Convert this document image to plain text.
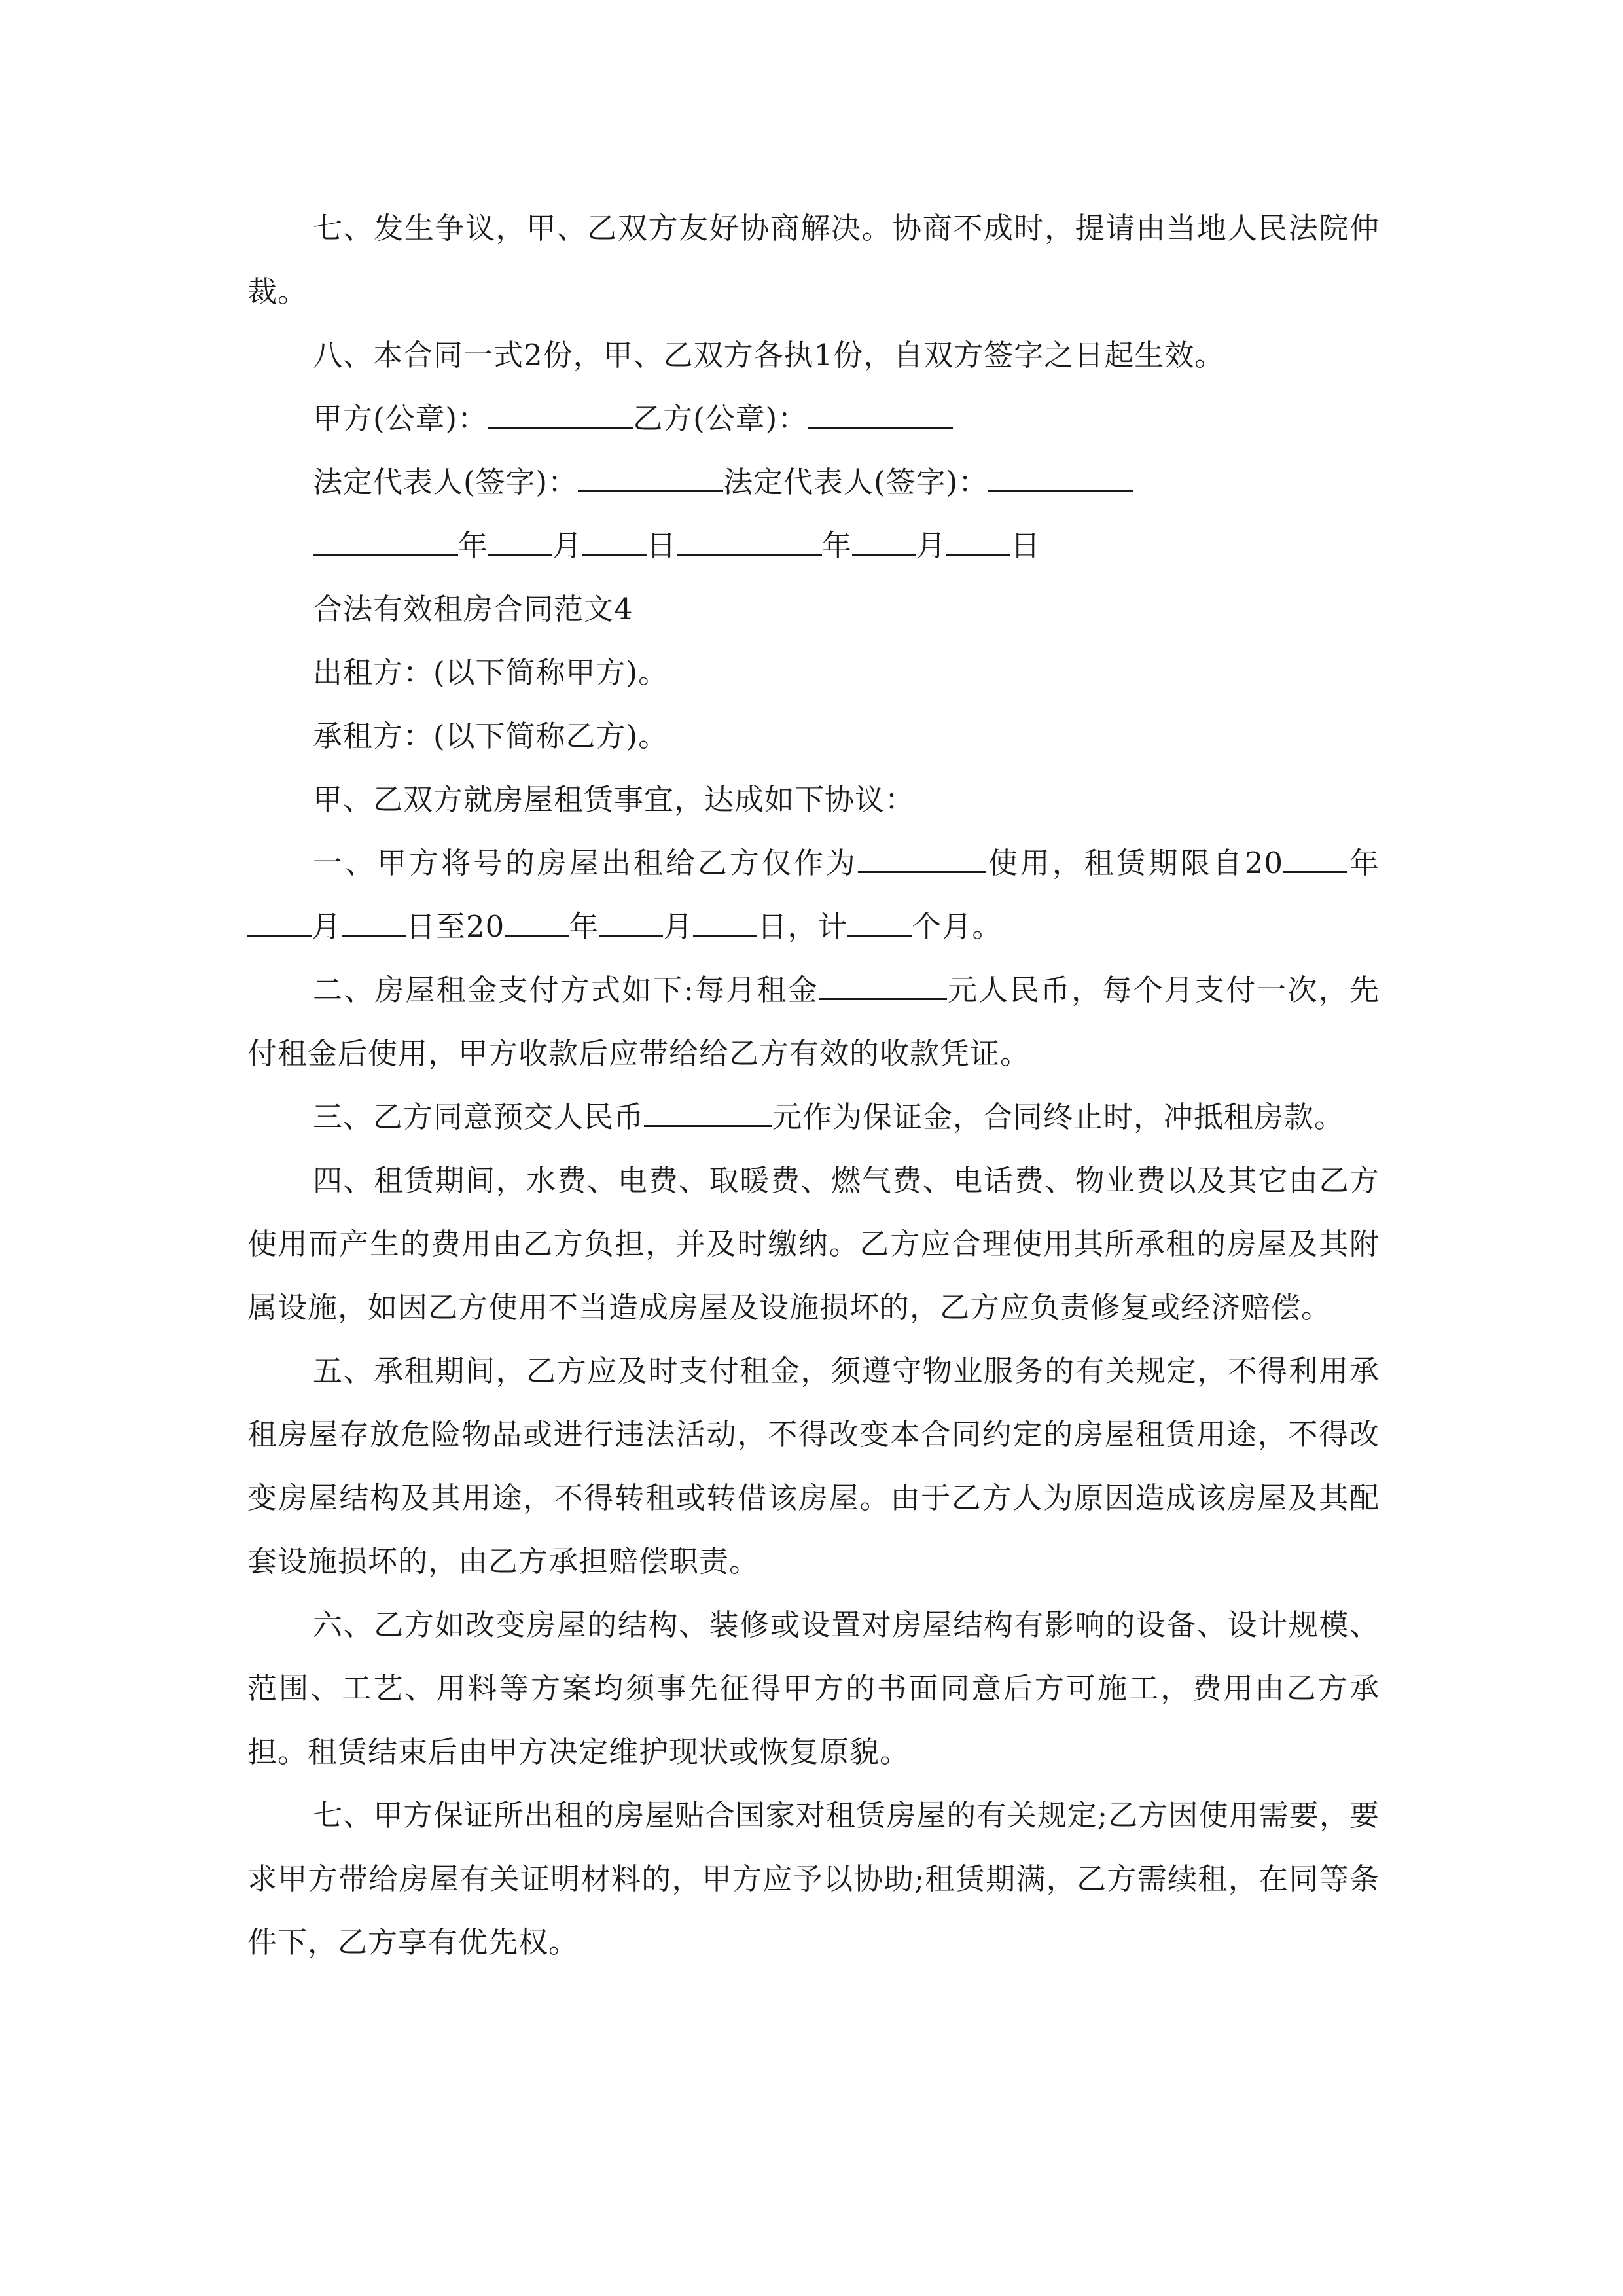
七、发生争议，甲、乙双方友好协商解决。协商不成时，提请由当地人民法院仲裁。

八、本合同一式2份，甲、乙双方各执1份，自双方签字之日起生效。

甲方(公章)：	乙方(公章)：

法定代表人(签字)：	法定代表人(签字)：

年 月 日	年 月 日

合法有效租房合同范文4

出租方：(以下简称甲方)。

承租方：(以下简称乙方)。

甲、乙双方就房屋租赁事宜，达成如下协议：

一、甲方将号的房屋出租给乙方仅作为	使用，租赁期限自20 年月 日至20 年 月 日，计 个月。

二、房屋租金支付方式如下:每月租金	元人民币，每个月支付一次，先付租金后使用，甲方收款后应带给给乙方有效的收款凭证。

三、乙方同意预交人民币	元作为保证金，合同终止时，冲抵租房款。

四、租赁期间，水费、电费、取暖费、燃气费、电话费、物业费以及其它由乙方使用而产生的费用由乙方负担，并及时缴纳。乙方应合理使用其所承租的房屋及其附属设施，如因乙方使用不当造成房屋及设施损坏的，乙方应负责修复或经济赔偿。

五、承租期间，乙方应及时支付租金，须遵守物业服务的有关规定，不得利用承租房屋存放危险物品或进行违法活动，不得改变本合同约定的房屋租赁用途，不得改变房屋结构及其用途，不得转租或转借该房屋。由于乙方人为原因造成该房屋及其配套设施损坏的，由乙方承担赔偿职责。

六、乙方如改变房屋的结构、装修或设置对房屋结构有影响的设备、设计规模、范围、工艺、用料等方案均须事先征得甲方的书面同意后方可施工，费用由乙方承担。租赁结束后由甲方决定维护现状或恢复原貌。

七、甲方保证所出租的房屋贴合国家对租赁房屋的有关规定;乙方因使用需要，要求甲方带给房屋有关证明材料的，甲方应予以协助;租赁期满，乙方需续租，在同等条件下，乙方享有优先权。
